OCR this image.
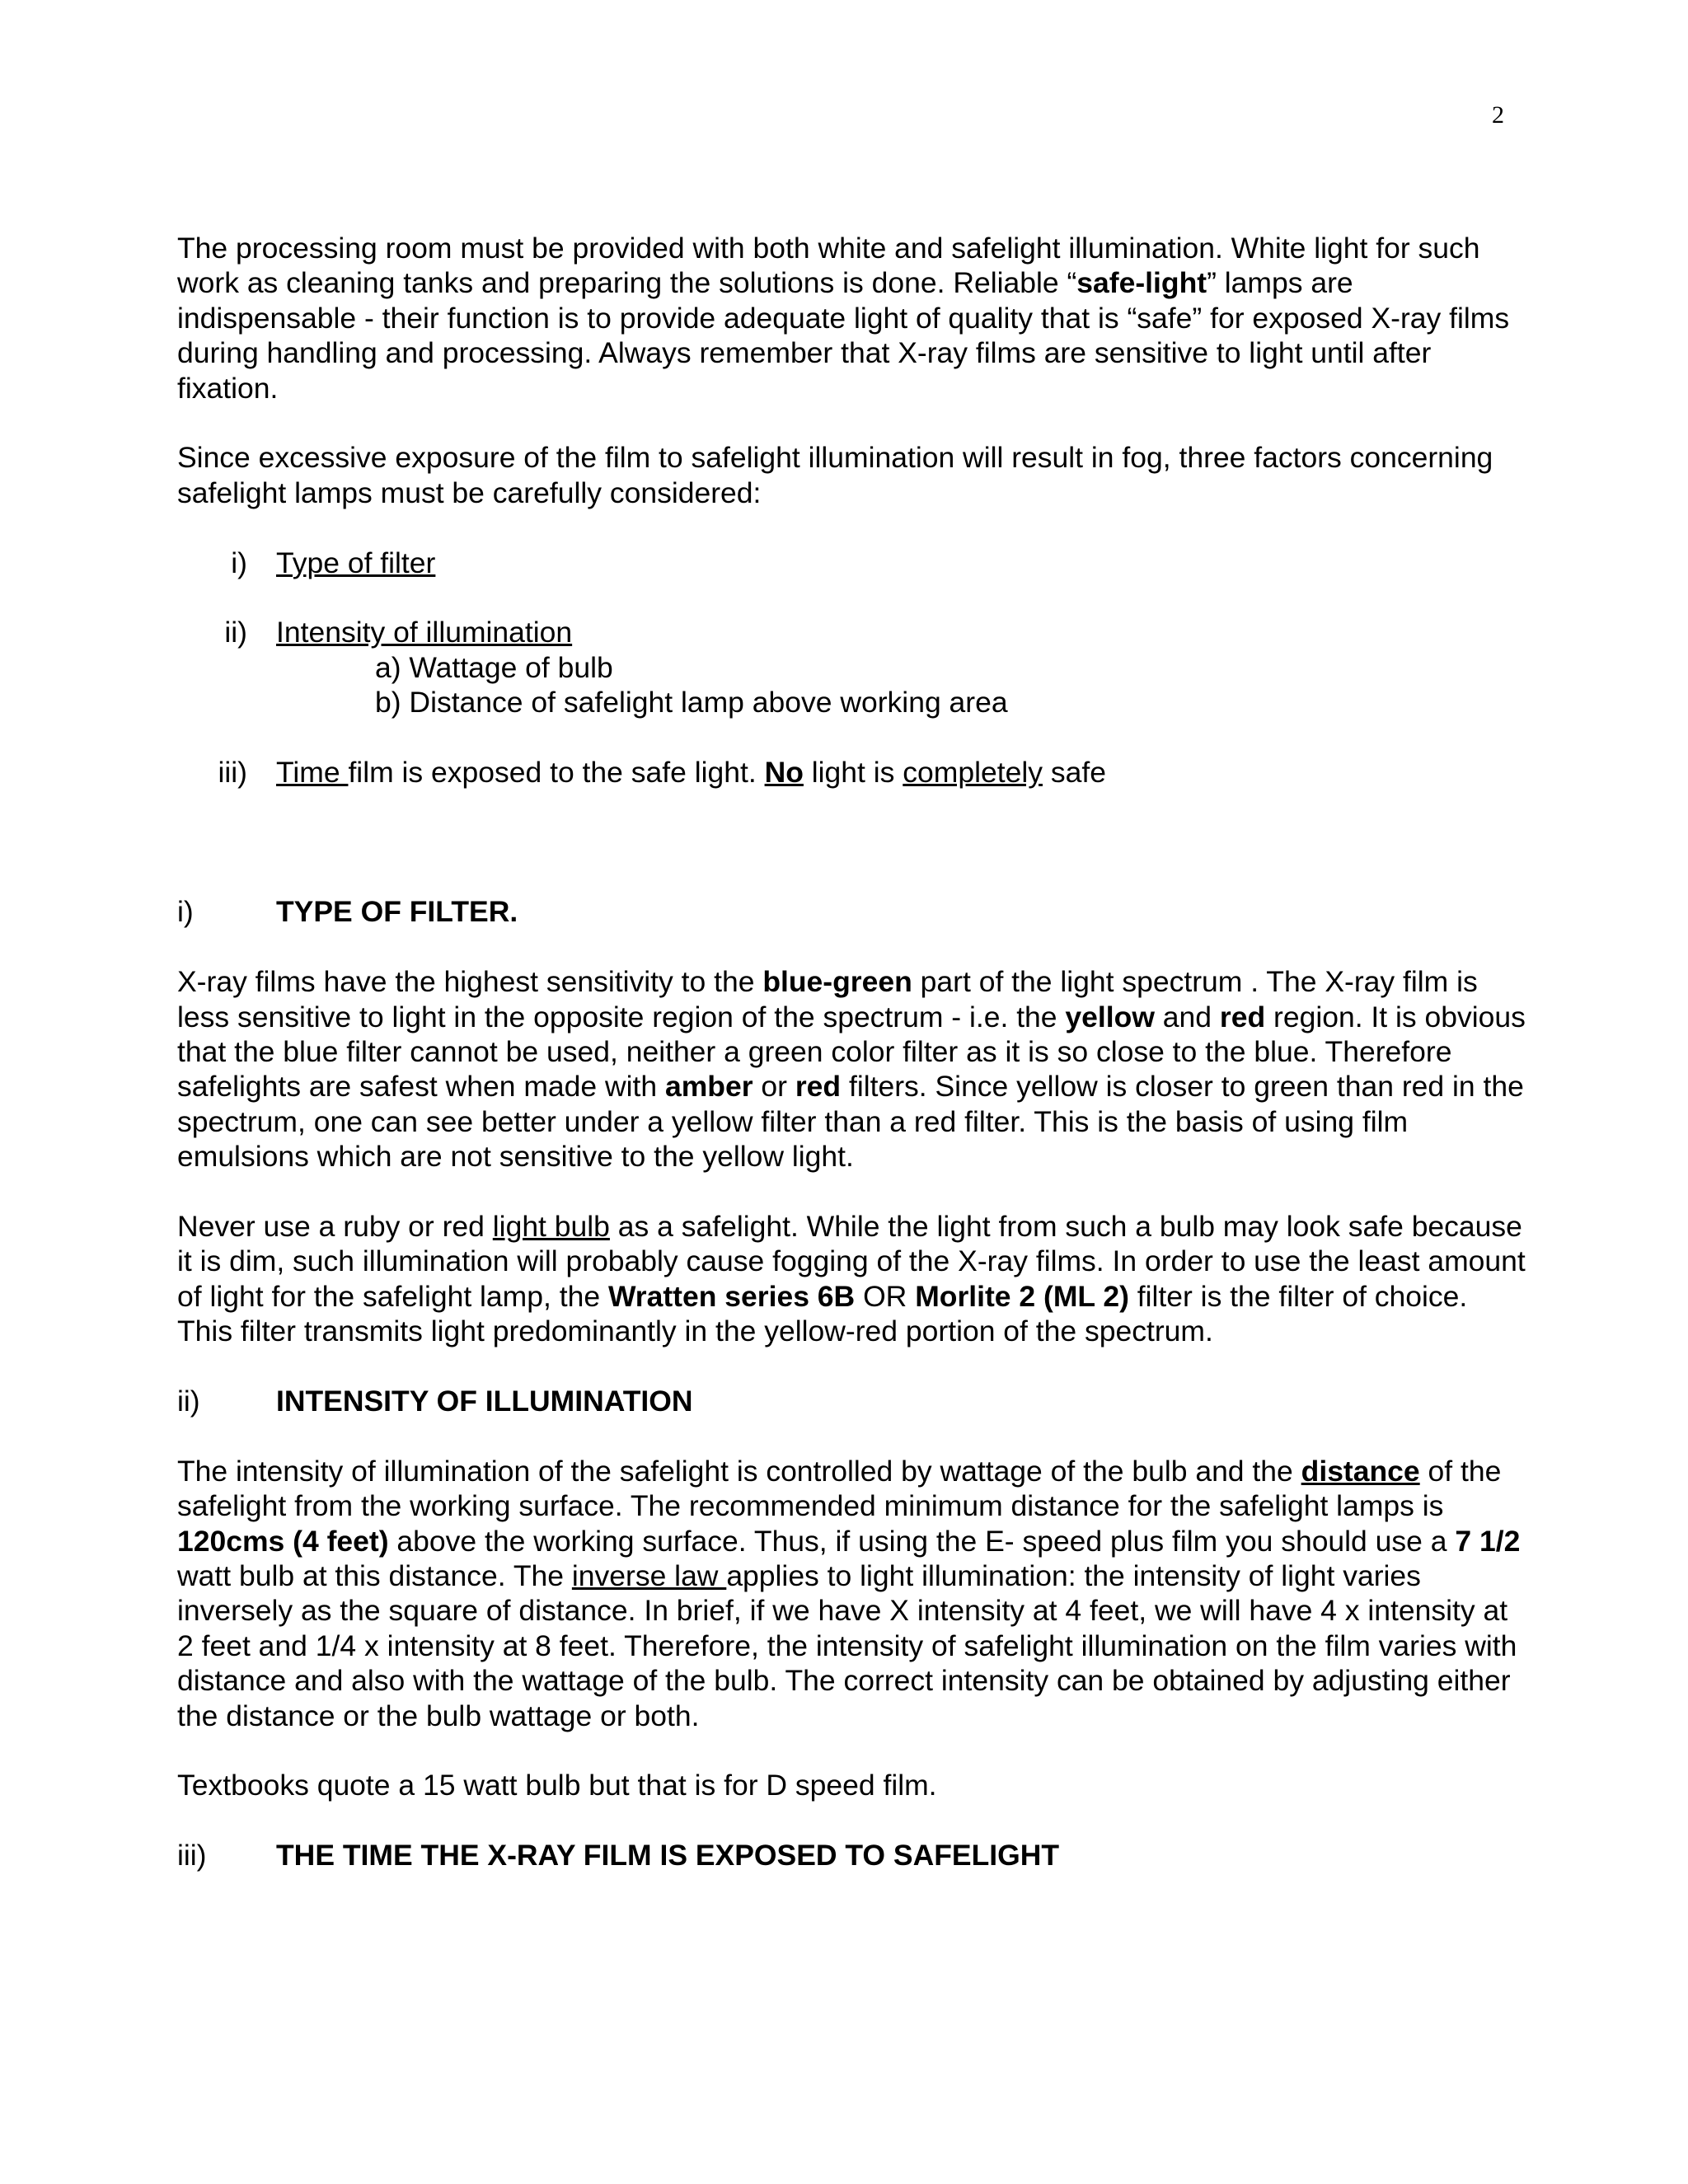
2

The processing room must be provided with both white and safelight illumination. White light for such work as cleaning tanks and preparing the solutions is done. Reliable “safe-light” lamps are indispensable - their function is to provide adequate light of quality that is “safe” for exposed X-ray films during handling and processing. Always remember that X-ray films are sensitive to light until after fixation.

Since excessive exposure of the film to safelight illumination will result in fog, three factors concerning safelight lamps must be carefully considered:

i) Type of filter
ii) Intensity of illumination
a) Wattage of bulb
b) Distance of safelight lamp above working area
iii) Time film is exposed to the safe light. No light is completely safe
i)	TYPE OF FILTER.

X-ray films have the highest sensitivity to the blue-green part of the light spectrum . The X-ray film is less sensitive to light in the opposite region of the spectrum - i.e. the yellow and red region. It is obvious that the blue filter cannot be used, neither a green color filter as it is so close to the blue. Therefore safelights are safest when made with amber or red filters. Since yellow is closer to green than red in the spectrum, one can see better under a yellow filter than a red filter. This is the basis of using film emulsions which are not sensitive to the yellow light.

Never use a ruby or red light bulb as a safelight. While the light from such a bulb may look safe because it is dim, such illumination will probably cause fogging of the X-ray films. In order to use the least amount of light for the safelight lamp, the Wratten series 6B OR Morlite 2 (ML 2) filter is the filter of choice. This filter transmits light predominantly in the yellow-red portion of the spectrum.

ii)	INTENSITY OF ILLUMINATION

The intensity of illumination of the safelight is controlled by wattage of the bulb and the distance of the safelight from the working surface. The recommended minimum distance for the safelight lamps is 120cms (4 feet) above the working surface. Thus, if using the E- speed plus film you should use a 7 1/2 watt bulb at this distance. The inverse law applies to light illumination: the intensity of light varies inversely as the square of distance. In brief, if we have X intensity at 4 feet, we will have 4 x intensity at 2 feet and 1/4 x intensity at 8 feet. Therefore, the intensity of safelight illumination on the film varies with distance and also with the wattage of the bulb. The correct intensity can be obtained by adjusting either the distance or the bulb wattage or both.

Textbooks quote a 15 watt bulb but that is for D speed film.

iii) THE TIME THE X-RAY FILM IS EXPOSED TO SAFELIGHT
